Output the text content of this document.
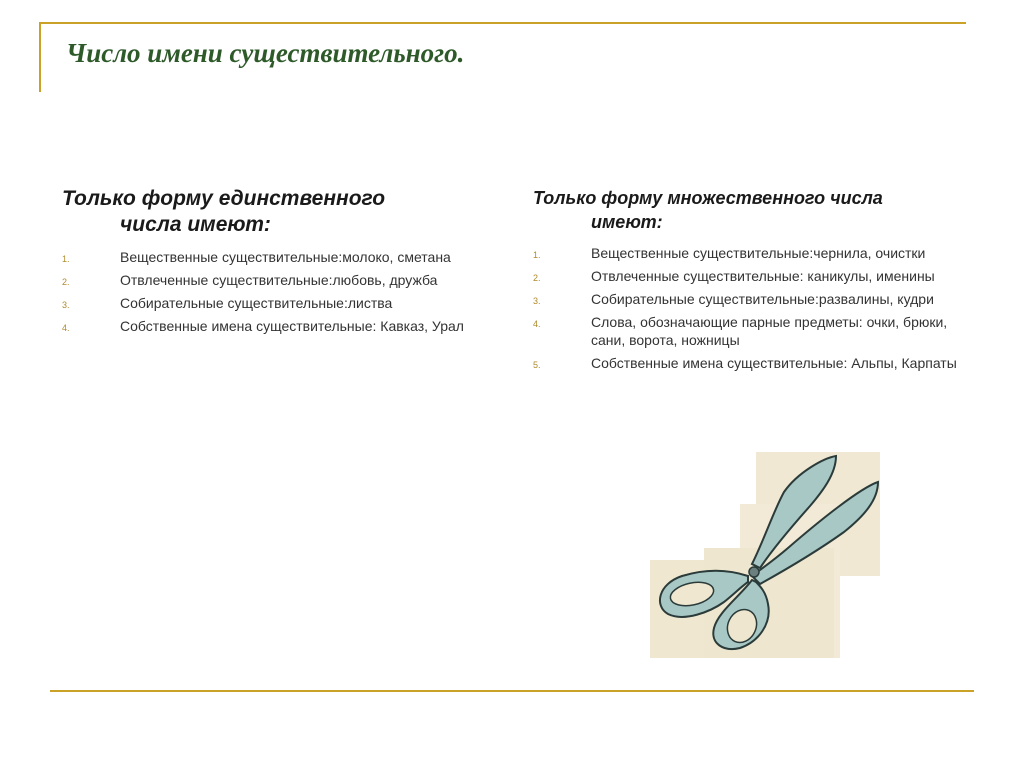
Число имени существительного.
Только форму единственного
числа имеют:
1.	Вещественные существительные:молоко, сметана
2.	Отвлеченные существительные:любовь, дружба
3.	Собирательные существительные:листва
4.	Собственные имена существительные: Кавказ, Урал
Только форму множественного числа
имеют:
1.	Вещественные существительные:чернила, очистки
2.	Отвлеченные существительные: каникулы, именины
3.	Собирательные существительные:развалины, кудри
4.	Слова, обозначающие парные предметы: очки, брюки, сани, ворота, ножницы
5.	Собственные имена существительные: Альпы, Карпаты
